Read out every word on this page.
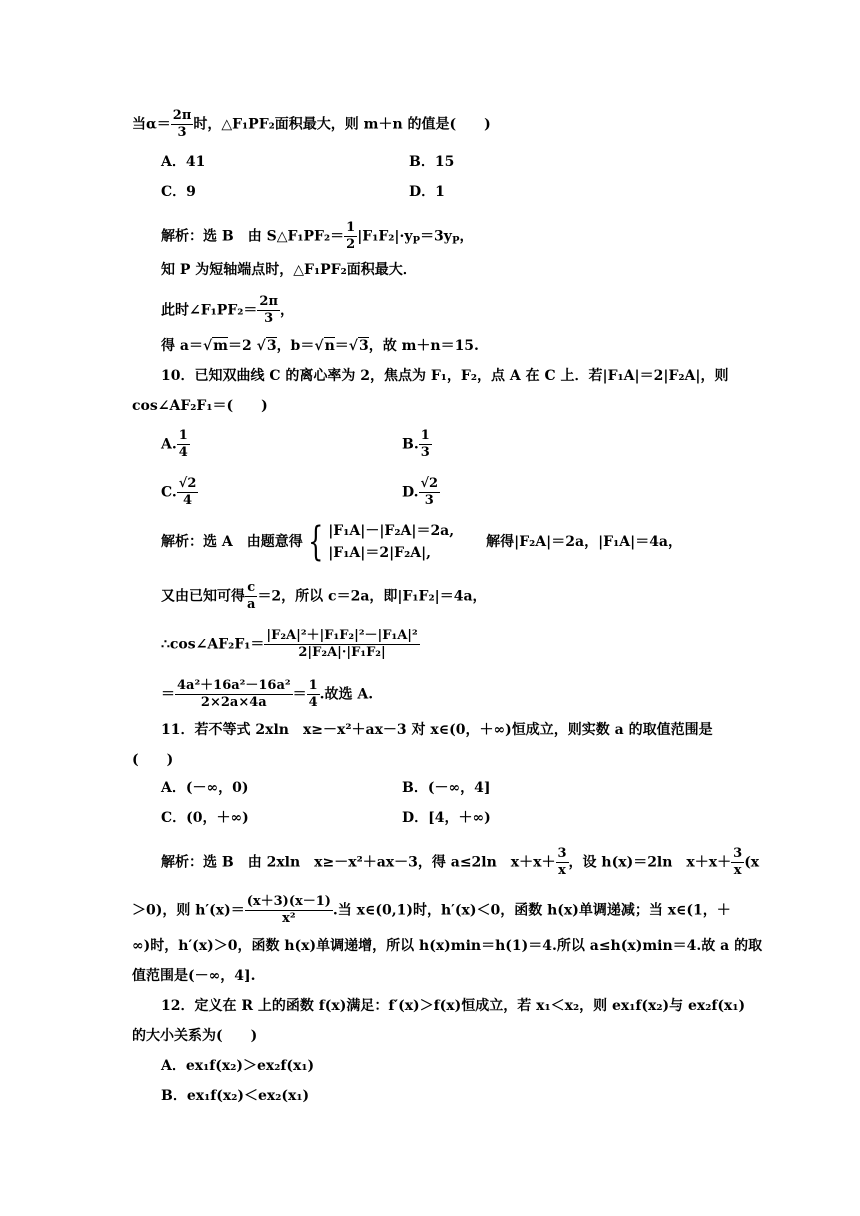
当$\alpha= \frac{2\pi}{3}$ 时，△F₁PF₂面积最大，则 m＋n 的值是(　　)
A．41	B．15
C．9	D．1
解析：选 B　由 S△F₁PF₂＝ $\frac{1}{2} |F_1F_2|\cdot y_P=3y_P$，
知 P 为短轴端点时，△F₁PF₂面积最大．
此时∠F₁PF₂＝ $\frac{2\pi}{3}$ ，
得 a＝√m＝2 √3，b＝√n＝√3，故 m＋n＝15.
10．已知双曲线 C 的离心率为 2，焦点为 F₁，F₂，点 A 在 C 上．若|F₁A|＝2|F₂A|，则
cos∠AF₂F₁＝(　　)
A. $\frac{1}{4}$	B. $\frac{1}{3}$
C. $\frac{√2}{4}$	D. $\frac{√2}{3}$
解析：选 A　由题意得 { |F₁A|－|F₂A|＝2a,
|F₁A|＝2|F₂A|,
解得|F₂A|＝2a，|F₁A|＝4a，
又由已知可得 $\frac{c}{a} =2$，所以 c＝2a，即|F₁F₂|＝4a，
∴cos∠AF₂F₁＝ $\frac{\text{|F₂A|²＋|F₁F₂|²－|F₁A|²}}{\text{2|F₂A|·|F₁F₂|}}$
＝ $\frac{\text{4a²＋16a²－16a²}}{2\times 2a\times 4a} = \frac{1}{4}$ .故选 A.
11．若不等式 2xln　x≥－x²＋ax－3 对 x∈(0，＋∞)恒成立，则实数 a 的取值范围是
(　　)
A．(－∞，0)	B．(－∞，4]
C．(0，＋∞)	D．[4，＋∞)
解析：选 B　由 2xln　x≥－x²＋ax－3，得 a≤2ln　$x+x+ \frac{3}{x}$ ，设 h(x)＝2ln　$x+x+ \frac{3}{x} (x$
＞0)，则 $h'(x)= \frac{(x+3)(x-1)}{\text{x²}}$ .当 x∈(0,1)时，h′(x)＜0，函数 h(x)单调递减；当 x∈(1，＋
∞)时，h′(x)＞0，函数 h(x)单调递增，所以 h(x)min＝h(1)＝4.所以 a≤h(x)min＝4.故 a 的取
值范围是(－∞，4].
12．定义在 R 上的函数 f(x)满足：f′(x)＞f(x)恒成立，若 x₁＜x₂，则 ex₁f(x₂)与 ex₂f(x₁)
的大小关系为(　　)
A．ex₁f(x₂)＞ex₂f(x₁)
B．ex₁f(x₂)＜ex₂(x₁)
